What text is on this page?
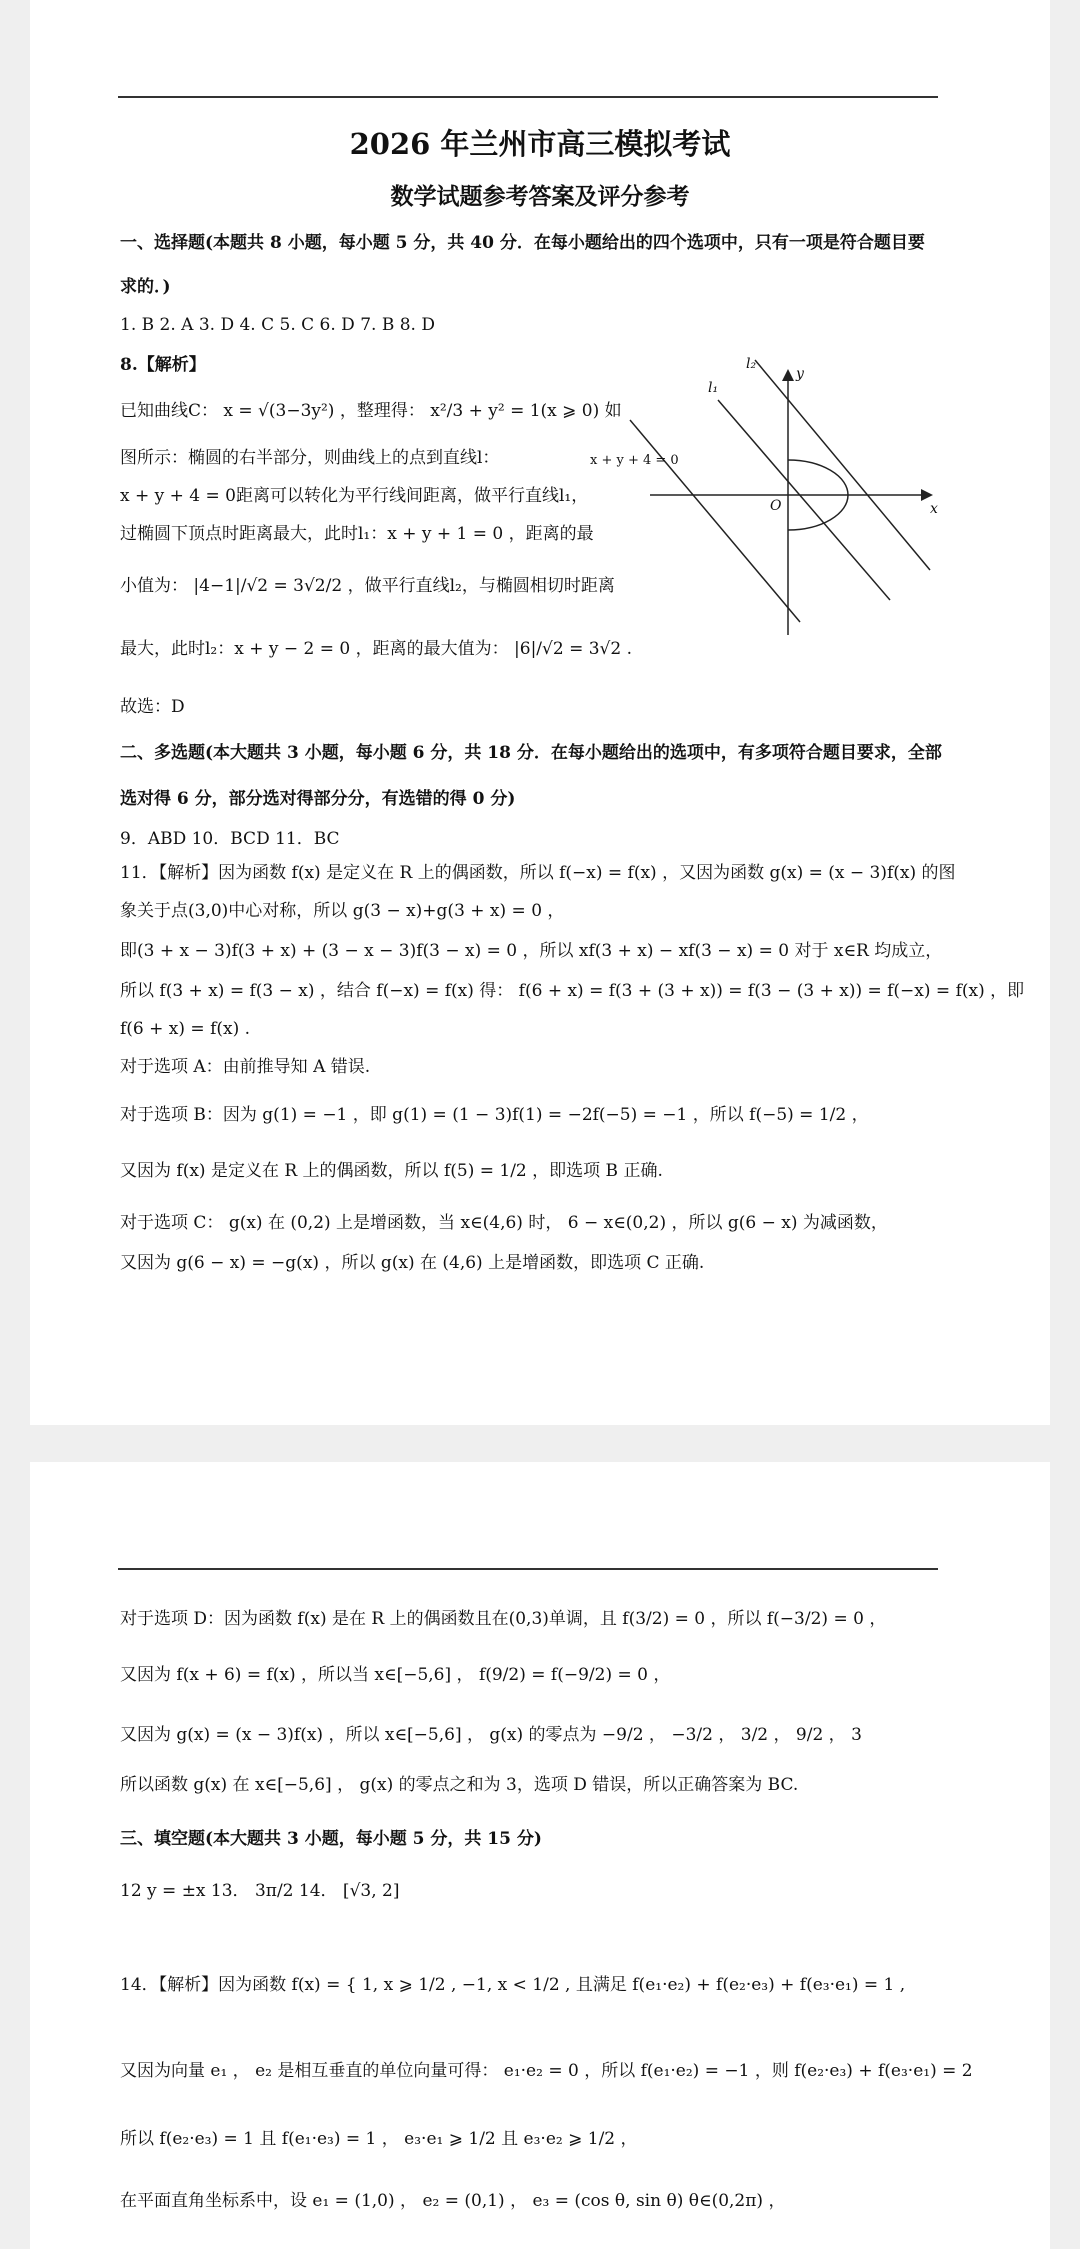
2026 年兰州市高三模拟考试
数学试题参考答案及评分参考
一、选择题(本题共 8 小题，每小题 5 分，共 40 分．在每小题给出的四个选项中，只有一项是符合题目要
求的．)
1. B 2. A 3. D 4. C 5. C 6. D 7. B 8. D
8.【解析】
已知曲线C： x = √(3−3y²) ，整理得： x²/3 + y² = 1(x ⩾ 0) 如
图所示：椭圆的右半部分，则曲线上的点到直线l：
x + y + 4 = 0距离可以转化为平行线间距离，做平行直线l₁，
过椭圆下顶点时距离最大，此时l₁：x + y + 1 = 0 ，距离的最
小值为： |4−1|/√2 = 3√2/2 ，做平行直线l₂，与椭圆相切时距离
最大，此时l₂：x + y − 2 = 0 ，距离的最大值为： |6|/√2 = 3√2 .
故选：D
x + y + 4 = 0
l₁
l₂
x
y
O
二、多选题(本大题共 3 小题，每小题 6 分，共 18 分．在每小题给出的选项中，有多项符合题目要求，全部
选对得 6 分，部分选对得部分分，有选错的得 0 分)
9．ABD 10．BCD 11．BC
11．【解析】因为函数 f(x) 是定义在 R 上的偶函数，所以 f(−x) = f(x) ，又因为函数 g(x) = (x − 3)f(x) 的图
象关于点(3,0)中心对称，所以 g(3 − x)+g(3 + x) = 0 ，
即(3 + x − 3)f(3 + x) + (3 − x − 3)f(3 − x) = 0 ，所以 xf(3 + x) − xf(3 − x) = 0 对于 x∈R 均成立，
所以 f(3 + x) = f(3 − x) ，结合 f(−x) = f(x) 得： f(6 + x) = f(3 + (3 + x)) = f(3 − (3 + x)) = f(−x) = f(x) ，即
f(6 + x) = f(x) .
对于选项 A：由前推导知 A 错误.
对于选项 B：因为 g(1) = −1 ，即 g(1) = (1 − 3)f(1) = −2f(−5) = −1 ，所以 f(−5) = 1/2 ，
又因为 f(x) 是定义在 R 上的偶函数，所以 f(5) = 1/2 ，即选项 B 正确.
对于选项 C： g(x) 在 (0,2) 上是增函数，当 x∈(4,6) 时， 6 − x∈(0,2) ，所以 g(6 − x) 为减函数，
又因为 g(6 − x) = −g(x) ，所以 g(x) 在 (4,6) 上是增函数，即选项 C 正确.
对于选项 D：因为函数 f(x) 是在 R 上的偶函数且在(0,3)单调，且 f(3/2) = 0 ，所以 f(−3/2) = 0 ，
又因为 f(x + 6) = f(x) ，所以当 x∈[−5,6] ， f(9/2) = f(−9/2) = 0 ，
又因为 g(x) = (x − 3)f(x) ，所以 x∈[−5,6] ， g(x) 的零点为 −9/2 ， −3/2 ， 3/2 ， 9/2 ， 3
所以函数 g(x) 在 x∈[−5,6] ， g(x) 的零点之和为 3，选项 D 错误，所以正确答案为 BC.
三、填空题(本大题共 3 小题，每小题 5 分，共 15 分)
12 y = ±x 13． 3π/2 14． [√3, 2]
14．【解析】因为函数 f(x) = { 1, x ⩾ 1/2 , −1, x < 1/2 , 且满足 f(e₁·e₂) + f(e₂·e₃) + f(e₃·e₁) = 1 ,
又因为向量 e₁ ， e₂ 是相互垂直的单位向量可得： e₁·e₂ = 0 ，所以 f(e₁·e₂) = −1 ，则 f(e₂·e₃) + f(e₃·e₁) = 2
所以 f(e₂·e₃) = 1 且 f(e₁·e₃) = 1 ， e₃·e₁ ⩾ 1/2 且 e₃·e₂ ⩾ 1/2 ，
在平面直角坐标系中，设 e₁ = (1,0) ， e₂ = (0,1) ， e₃ = (cos θ, sin θ) θ∈(0,2π) ，
